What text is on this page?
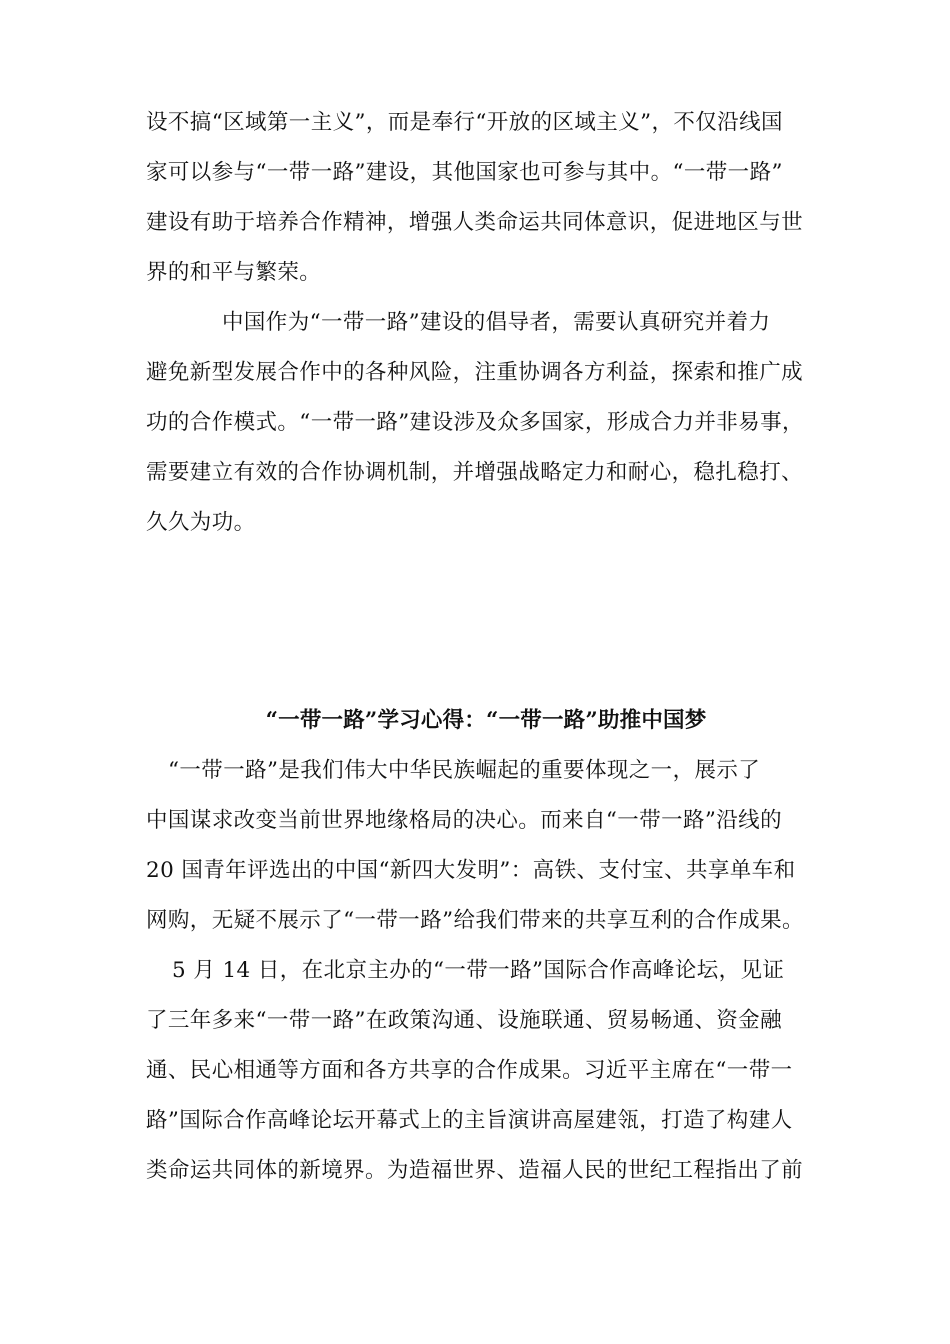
设不搞“区域第一主义”，而是奉行“开放的区域主义”，不仅沿线国
家可以参与“一带一路”建设，其他国家也可参与其中。“一带一路”
建设有助于培养合作精神，增强人类命运共同体意识，促进地区与世
界的和平与繁荣。
中国作为“一带一路”建设的倡导者，需要认真研究并着力
避免新型发展合作中的各种风险，注重协调各方利益，探索和推广成
功的合作模式。“一带一路”建设涉及众多国家，形成合力并非易事，
需要建立有效的合作协调机制，并增强战略定力和耐心，稳扎稳打、
久久为功。
“一带一路”学习心得：“一带一路”助推中国梦
“一带一路”是我们伟大中华民族崛起的重要体现之一，展示了
中国谋求改变当前世界地缘格局的决心。而来自“一带一路”沿线的
20 国青年评选出的中国“新四大发明”：高铁、支付宝、共享单车和
网购，无疑不展示了“一带一路”给我们带来的共享互利的合作成果。
5 月 14 日，在北京主办的“一带一路”国际合作高峰论坛，见证
了三年多来“一带一路”在政策沟通、设施联通、贸易畅通、资金融
通、民心相通等方面和各方共享的合作成果。习近平主席在“一带一
路”国际合作高峰论坛开幕式上的主旨演讲高屋建瓴，打造了构建人
类命运共同体的新境界。为造福世界、造福人民的世纪工程指出了前
